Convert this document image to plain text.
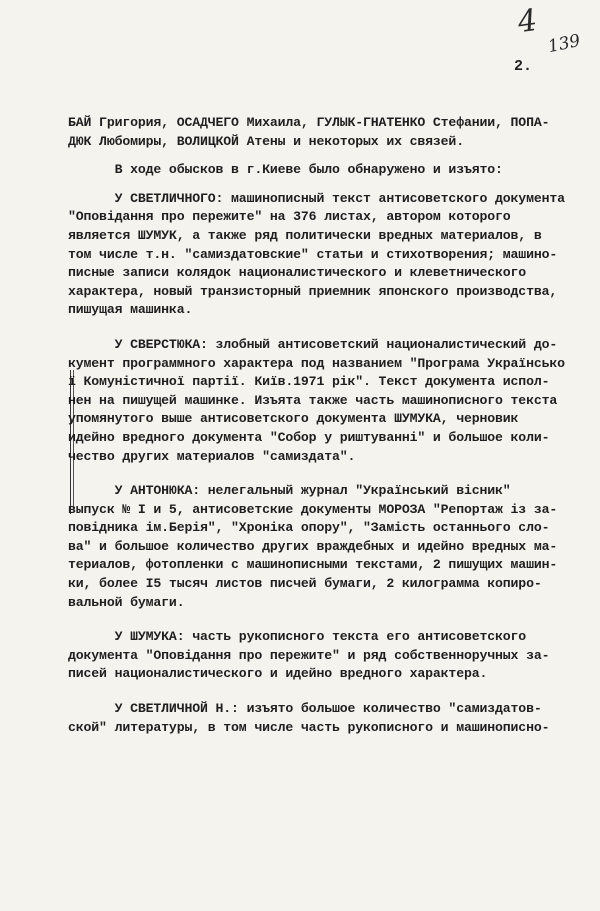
4
139
2.
БАЙ Григория, ОСАДЧЕГО Михаила, ГУЛЫК-ГНАТЕНКО Стефании, ПОПА-
ДЮК Любомиры, ВОЛИЦКОЙ Атены и некоторых их связей.
В ходе обысков в г.Киеве было обнаружено и изъято:
У СВЕТЛИЧНОГО: машинописный текст антисоветского документа
"Оповідання про пережите" на 376 листах, автором которого
является ШУМУК, а также ряд политически вредных материалов, в
том числе т.н. "самиздатовские" статьи и стихотворения; машино-
писные записи колядок националистического и клеветнического
характера, новый транзисторный приемник японского производства,
пишущая машинка.
У СВЕРСТЮКА: злобный антисоветский националистический до-
кумент программного характера под названием "Програма Украïнсько
ï Комуністичної партії. Киïв.1971 рік". Текст документа испол-
нен на пишущей машинке. Изъята также часть машинописного текста
упомянутого выше антисоветского документа ШУМУКА, черновик
идейно вредного документа "Собор у риштуванні" и большое коли-
чество других материалов "самиздата".
У АНТОНЮКА: нелегальный журнал "Український вісник"
выпуск № I и 5, антисоветские документы МОРОЗА "Репортаж із за-
повідника ім.Берія", "Хроніка опору", "Замість останнього сло-
ва" и большое количество других враждебных и идейно вредных ма-
териалов, фотопленки с машинописными текстами, 2 пишущих машин-
ки, более I5 тысяч листов писчей бумаги, 2 килограмма копиро-
вальной бумаги.
У ШУМУКА: часть рукописного текста его антисоветского
документа "Оповідання про пережите" и ряд собственноручных за-
писей националистического и идейно вредного характера.
У СВЕТЛИЧНОЙ Н.: изъято большое количество "самиздатов-
ской" литературы, в том числе часть рукописного и машинописно-
